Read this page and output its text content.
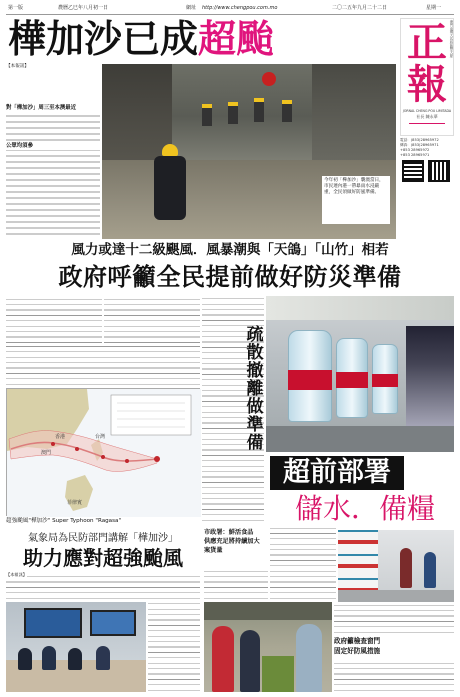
第一版	農曆乙巳年八月初一日	網址 http://www.chengpou.com.mo	二〇二五年九月二十二日	星期一
樺加沙已成超颱	正
報
JORNAL CHENG POU LIMITADA
社長 陳永華
澳門南灣大馬路匯豐大廈
電話：(853)28965972
傳真：(853)28965971
+853 28965972
+853 28965971
【本報訊】
對「樺加沙」周三至本澳最近
公眾均須參
今年初「樺加沙」襲澳當日，市民連內港一帶暴雨水浸嚴重，全民須做好防風準備。
風力或達十二級颶風．風暴潮與「天鴿」「山竹」相若
政府呼籲全民提前做好防災準備
香港
澳門
台灣
菲律賓
超強颱風"樺加沙" Super Typhoon "Ragasa"
疏
散
撤
離
做
準
備
超前部署
儲水．備糧
氣象局為民防部門講解「樺加沙」
助力應對超強颱風
【本報訊】
市政署：鮮活食品
供應充足將持續加大
案貨量
政府籲檢查窗門
固定好防風措施
